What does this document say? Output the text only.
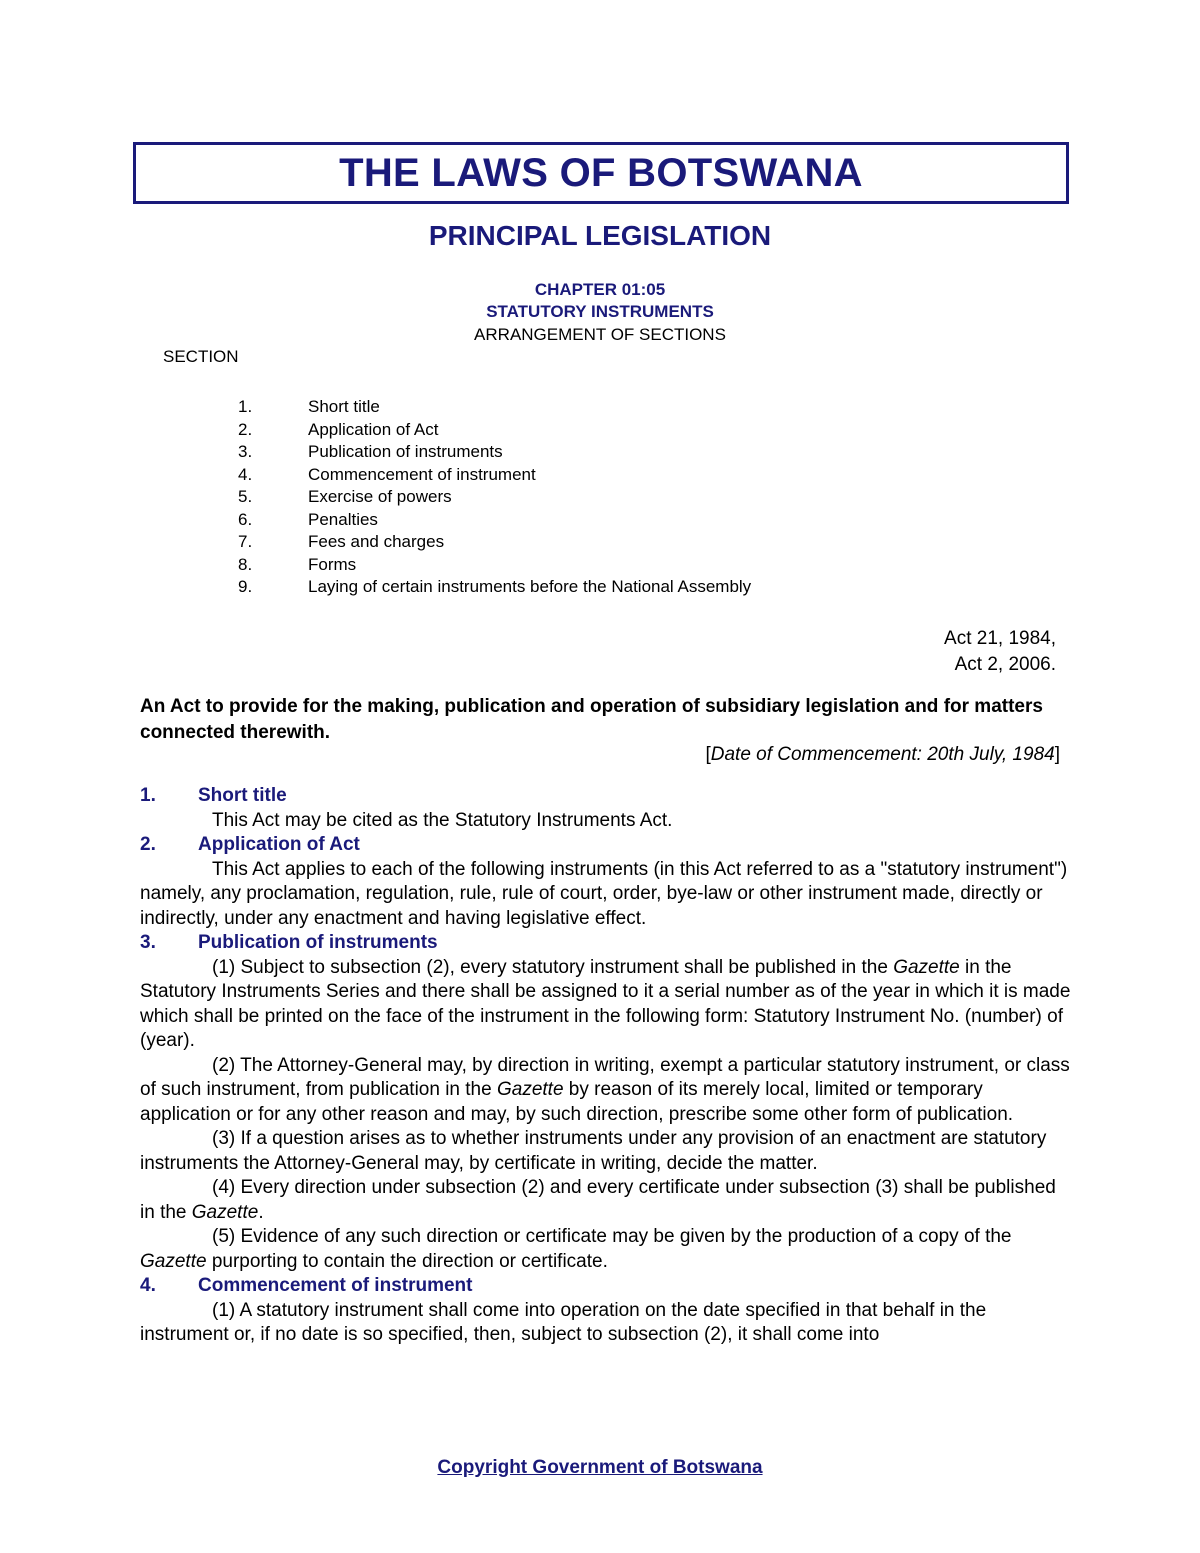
THE LAWS OF BOTSWANA
PRINCIPAL LEGISLATION
CHAPTER 01:05
STATUTORY INSTRUMENTS
ARRANGEMENT OF SECTIONS
SECTION
1.	Short title
2.	Application of Act
3.	Publication of instruments
4.	Commencement of instrument
5.	Exercise of powers
6.	Penalties
7.	Fees and charges
8.	Forms
9.	Laying of certain instruments before the National Assembly
Act 21, 1984,
Act 2, 2006.
An Act to provide for the making, publication and operation of subsidiary legislation and for matters connected therewith.
[Date of Commencement: 20th July, 1984]
1.	Short title

This Act may be cited as the Statutory Instruments Act.

2.	Application of Act

This Act applies to each of the following instruments (in this Act referred to as a "statutory instrument") namely, any proclamation, regulation, rule, rule of court, order, bye-law or other instrument made, directly or indirectly, under any enactment and having legislative effect.

3.	Publication of instruments

(1) Subject to subsection (2), every statutory instrument shall be published in the Gazette in the Statutory Instruments Series and there shall be assigned to it a serial number as of the year in which it is made which shall be printed on the face of the instrument in the following form: Statutory Instrument No. (number) of (year).

(2) The Attorney-General may, by direction in writing, exempt a particular statutory instrument, or class of such instrument, from publication in the Gazette by reason of its merely local, limited or temporary application or for any other reason and may, by such direction, prescribe some other form of publication.

(3) If a question arises as to whether instruments under any provision of an enactment are statutory instruments the Attorney-General may, by certificate in writing, decide the matter.

(4) Every direction under subsection (2) and every certificate under subsection (3) shall be published in the Gazette.

(5) Evidence of any such direction or certificate may be given by the production of a copy of the Gazette purporting to contain the direction or certificate.

4.	Commencement of instrument

(1) A statutory instrument shall come into operation on the date specified in that behalf in the instrument or, if no date is so specified, then, subject to subsection (2), it shall come into

Copyright Government of Botswana
